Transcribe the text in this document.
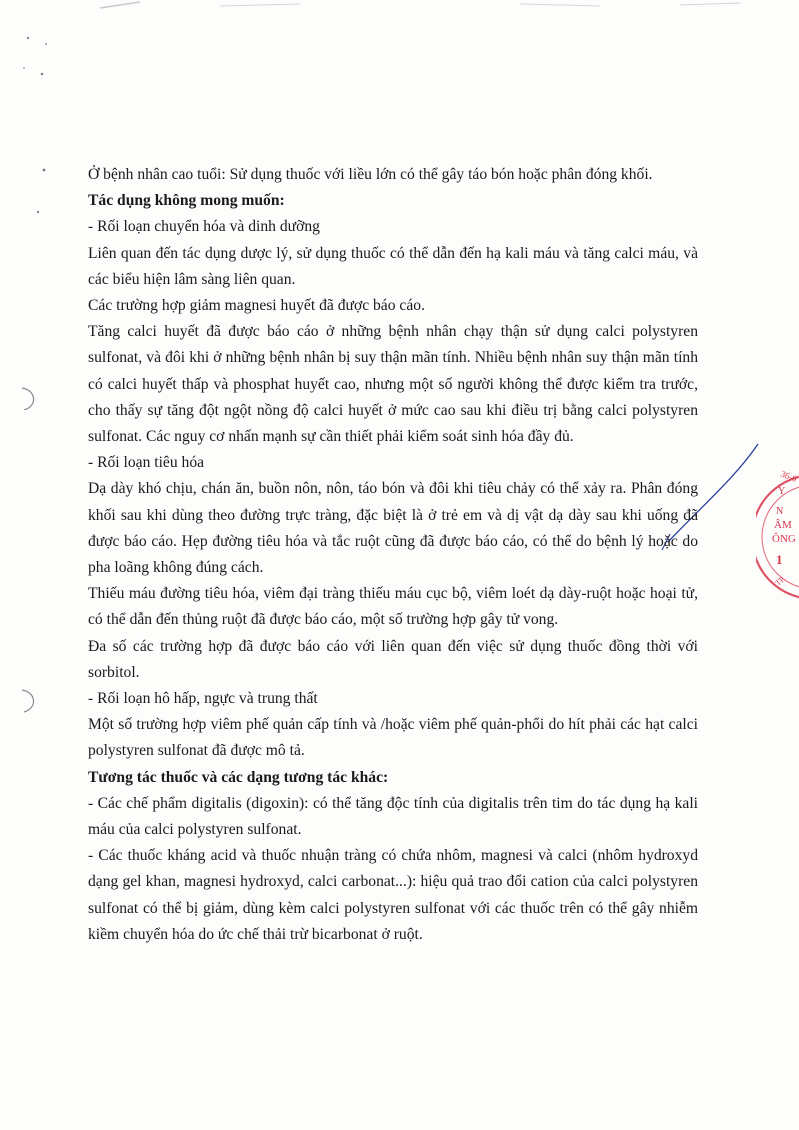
36-0
Y
N
ÂM
ÔNG
1
TP.

Ở bệnh nhân cao tuổi: Sử dụng thuốc với liều lớn có thể gây táo bón hoặc phân đóng khối.

Tác dụng không mong muốn:

- Rối loạn chuyển hóa và dinh dưỡng

Liên quan đến tác dụng dược lý, sử dụng thuốc có thể dẫn đến hạ kali máu và tăng calci máu, và các biểu hiện lâm sàng liên quan.

Các trường hợp giảm magnesi huyết đã được báo cáo.

Tăng calci huyết đã được báo cáo ở những bệnh nhân chạy thận sử dụng calci polystyren sulfonat, và đôi khi ở những bệnh nhân bị suy thận mãn tính. Nhiều bệnh nhân suy thận mãn tính có calci huyết thấp và phosphat huyết cao, nhưng một số người không thể được kiểm tra trước, cho thấy sự tăng đột ngột nồng độ calci huyết ở mức cao sau khi điều trị bằng calci polystyren sulfonat. Các nguy cơ nhấn mạnh sự cần thiết phải kiểm soát sinh hóa đầy đủ.

- Rối loạn tiêu hóa

Dạ dày khó chịu, chán ăn, buồn nôn, nôn, táo bón và đôi khi tiêu chảy có thể xảy ra. Phân đóng khối sau khi dùng theo đường trực tràng, đặc biệt là ở trẻ em và dị vật dạ dày sau khi uống đã được báo cáo. Hẹp đường tiêu hóa và tắc ruột cũng đã được báo cáo, có thể do bệnh lý hoặc do pha loãng không đúng cách.

Thiếu máu đường tiêu hóa, viêm đại tràng thiếu máu cục bộ, viêm loét dạ dày-ruột hoặc hoại tử, có thể dẫn đến thủng ruột đã được báo cáo, một số trường hợp gây tử vong.

Đa số các trường hợp đã được báo cáo với liên quan đến việc sử dụng thuốc đồng thời với sorbitol.

- Rối loạn hô hấp, ngực và trung thất

Một số trường hợp viêm phế quản cấp tính và /hoặc viêm phế quản-phổi do hít phải các hạt calci polystyren sulfonat đã được mô tả.

Tương tác thuốc và các dạng tương tác khác:

- Các chế phẩm digitalis (digoxin): có thể tăng độc tính của digitalis trên tim do tác dụng hạ kali máu của calci polystyren sulfonat.

- Các thuốc kháng acid và thuốc nhuận tràng có chứa nhôm, magnesi và calci (nhôm hydroxyd dạng gel khan, magnesi hydroxyd, calci carbonat...): hiệu quả trao đổi cation của calci polystyren sulfonat có thể bị giảm, dùng kèm calci polystyren sulfonat với các thuốc trên có thể gây nhiễm kiềm chuyển hóa do ức chế thải trừ bicarbonat ở ruột.
